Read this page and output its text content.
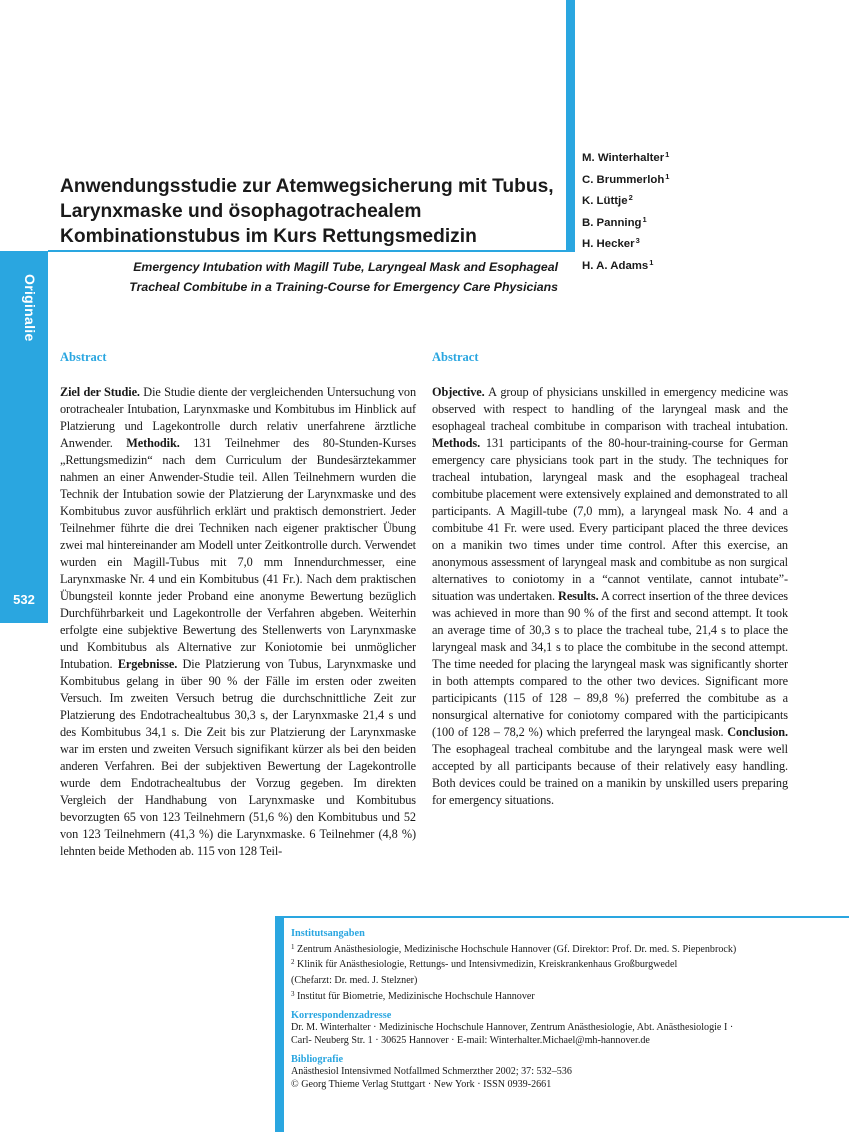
Originalie
532
Anwendungsstudie zur Atemwegsicherung mit Tubus,
Larynxmaske und ösophagotrachealem
Kombinationstubus im Kurs Rettungsmedizin

Emergency Intubation with Magill Tube, Laryngeal Mask and Esophageal
Tracheal Combitube in a Training-Course for Emergency Care Physicians

M. Winterhalter$^1$
C. Brummerloh$^1$
K. Lüttje$^2$
B. Panning$^1$
H. Hecker$^3$
H. A. Adams$^1$
Abstract	Abstract

Ziel der Studie. Die Studie diente der vergleichenden Untersuchung von orotrachealer Intubation, Larynxmaske und Kombitubus im Hinblick auf Platzierung und Lagekontrolle durch relativ unerfahrene ärztliche Anwender. Methodik. 131 Teilnehmer des 80-Stunden-Kurses „Rettungsmedizin“ nach dem Curriculum der Bundesärztekammer nahmen an einer Anwender-Studie teil. Allen Teilnehmern wurden die Technik der Intubation sowie der Platzierung der Larynxmaske und des Kombitubus zuvor ausführlich erklärt und praktisch demonstriert. Jeder Teilnehmer führte die drei Techniken nach eigener praktischer Übung zwei mal hintereinander am Modell unter Zeitkontrolle durch. Verwendet wurden ein Magill-Tubus mit 7,0 mm Innendurchmesser, eine Larynxmaske Nr. 4 und ein Kombitubus (41 Fr.). Nach dem praktischen Übungsteil konnte jeder Proband eine anonyme Bewertung bezüglich Durchführbarkeit und Lagekontrolle der Verfahren abgeben. Weiterhin erfolgte eine subjektive Bewertung des Stellenwerts von Larynxmaske und Kombitubus als Alternative zur Koniotomie bei unmöglicher Intubation. Ergebnisse. Die Platzierung von Tubus, Larynxmaske und Kombitubus gelang in über 90 % der Fälle im ersten oder zweiten Versuch. Im zweiten Versuch betrug die durchschnittliche Zeit zur Platzierung des Endotrachealtubus 30,3 s, der Larynxmaske 21,4 s und des Kombitubus 34,1 s. Die Zeit bis zur Platzierung der Larynxmaske war im ersten und zweiten Versuch signifikant kürzer als bei den beiden anderen Verfahren. Bei der subjektiven Bewertung der Lagekontrolle wurde dem Endotrachealtubus der Vorzug gegeben. Im direkten Vergleich der Handhabung von Larynxmaske und Kombitubus bevorzugten 65 von 123 Teilnehmern (51,6 %) den Kombitubus und 52 von 123 Teilnehmern (41,3 %) die Larynxmaske. 6 Teilnehmer (4,8 %) lehnten beide Methoden ab. 115 von 128 Teil-

Objective. A group of physicians unskilled in emergency medicine was observed with respect to handling of the laryngeal mask and the esophageal tracheal combitube in comparison with tracheal intubation. Methods. 131 participants of the 80-hour-training-course for German emergency care physicians took part in the study. The techniques for tracheal intubation, laryngeal mask and the esophageal tracheal combitube placement were extensively explained and demonstrated to all participants. A Magill-tube (7,0 mm), a laryngeal mask No. 4 and a combitube 41 Fr. were used. Every participant placed the three devices on a manikin two times under time control. After this exercise, an anonymous assessment of laryngeal mask and combitube as non surgical alternatives to coniotomy in a “cannot ventilate, cannot intubate”-situation was undertaken. Results. A correct insertion of the three devices was achieved in more than 90 % of the first and second attempt. It took an average time of 30,3 s to place the tracheal tube, 21,4 s to place the laryngeal mask and 34,1 s to place the combitube in the second attempt. The time needed for placing the laryngeal mask was significantly shorter in both attempts compared to the other two devices. Significant more participicants (115 of 128 – 89,8 %) preferred the combitube as a nonsurgical alternative for coniotomy compared with the participicants (100 of 128 – 78,2 %) which preferred the laryngeal mask. Conclusion. The esophageal tracheal combitube and the laryngeal mask were well accepted by all participants because of their relatively easy handling. Both devices could be trained on a manikin by unskilled users preparing for emergency situations.

Institutsangaben

$^1$ Zentrum Anästhesiologie, Medizinische Hochschule Hannover (Gf. Direktor: Prof. Dr. med. S. Piepenbrock)

$^2$ Klinik für Anästhesiologie, Rettungs- und Intensivmedizin, Kreiskrankenhaus Großburgwedel

(Chefarzt: Dr. med. J. Stelzner)

$^3$ Institut für Biometrie, Medizinische Hochschule Hannover

Korrespondenzadresse

Dr. M. Winterhalter · Medizinische Hochschule Hannover, Zentrum Anästhesiologie, Abt. Anästhesiologie I ·

Carl- Neuberg Str. 1 · 30625 Hannover · E-mail: Winterhalter.Michael@mh-hannover.de

Bibliografie

Anästhesiol Intensivmed Notfallmed Schmerzther 2002; 37: 532–536

© Georg Thieme Verlag Stuttgart · New York · ISSN 0939-2661
